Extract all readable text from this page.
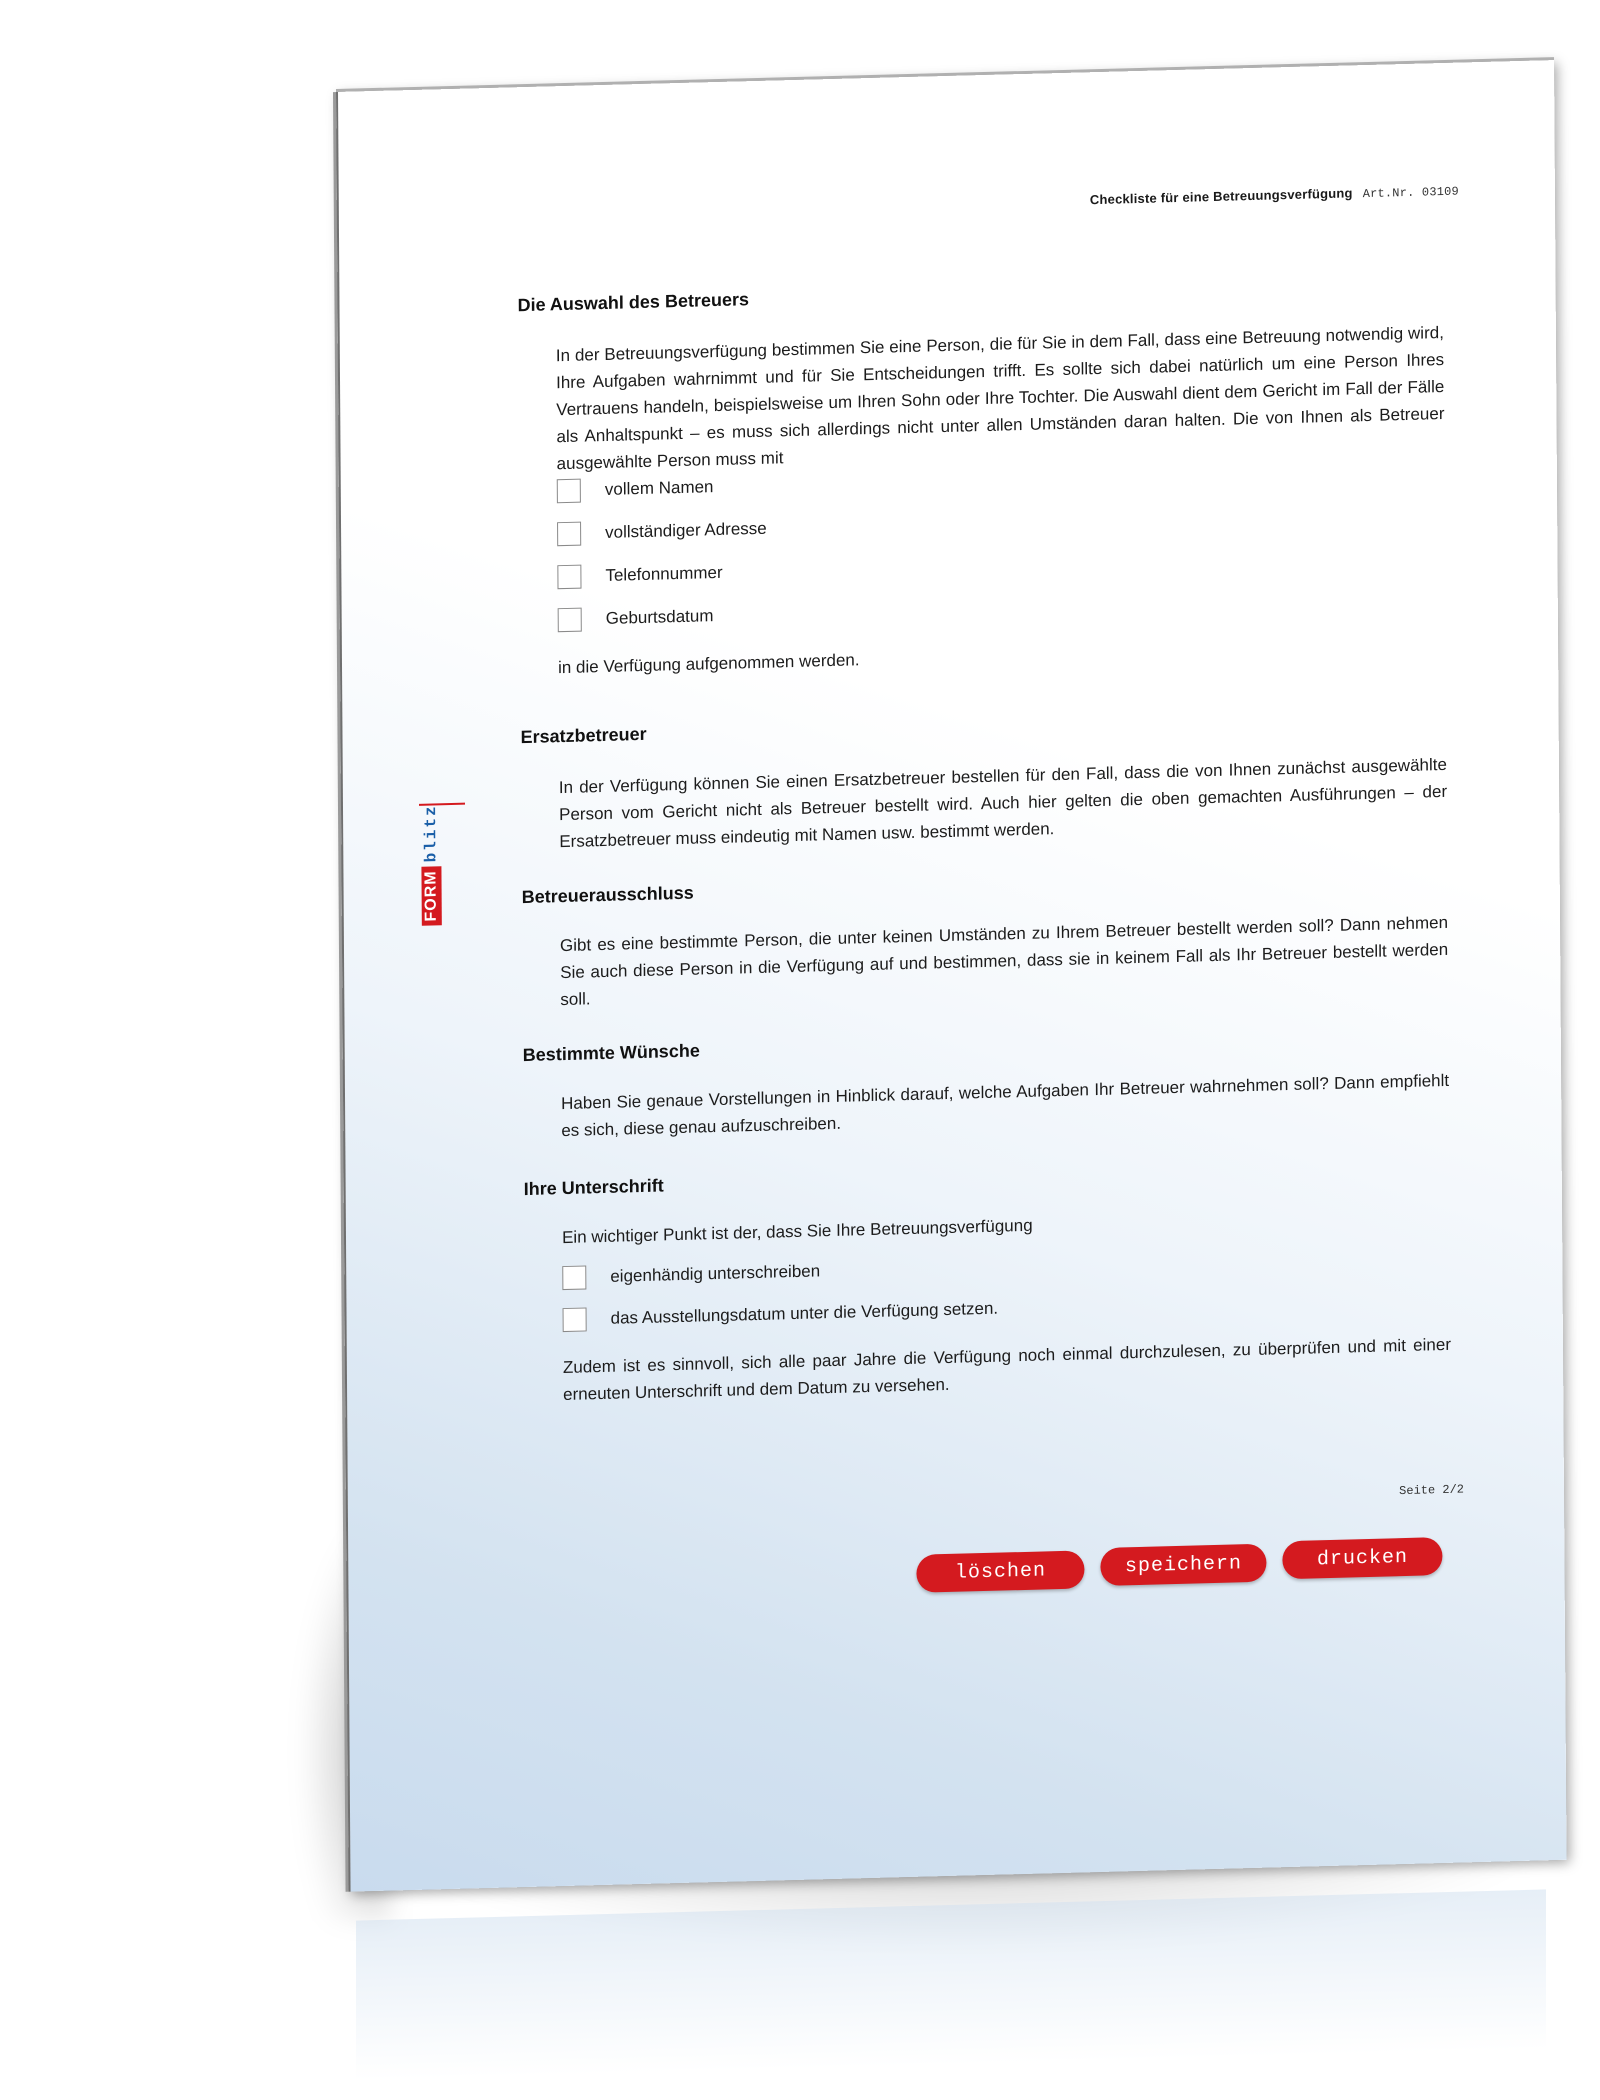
Checkliste für eine Betreuungsverfügung Art.Nr. 03109
FORM
blitz
Die Auswahl des Betreuers
In der Betreuungsverfügung bestimmen Sie eine Person, die für Sie in dem Fall, dass eine Betreuung notwendig wird, Ihre Aufgaben wahrnimmt und für Sie Entscheidungen trifft. Es sollte sich dabei natürlich um eine Person Ihres Vertrauens handeln, beispielsweise um Ihren Sohn oder Ihre Tochter. Die Auswahl dient dem Gericht im Fall der Fälle als Anhaltspunkt – es muss sich allerdings nicht unter allen Umständen daran halten. Die von Ihnen als Betreuer ausgewählte Person muss mit
vollem Namen
vollständiger Adresse
Telefonnummer
Geburtsdatum
in die Verfügung aufgenommen werden.
Ersatzbetreuer
In der Verfügung können Sie einen Ersatzbetreuer bestellen für den Fall, dass die von Ihnen zunächst ausgewählte Person vom Gericht nicht als Betreuer bestellt wird. Auch hier gelten die oben gemachten Ausführungen – der Ersatzbetreuer muss eindeutig mit Namen usw. bestimmt werden.
Betreuerausschluss
Gibt es eine bestimmte Person, die unter keinen Umständen zu Ihrem Betreuer bestellt werden soll? Dann nehmen Sie auch diese Person in die Verfügung auf und bestimmen, dass sie in keinem Fall als Ihr Betreuer bestellt werden soll.
Bestimmte Wünsche
Haben Sie genaue Vorstellungen in Hinblick darauf, welche Aufgaben Ihr Betreuer wahrnehmen soll? Dann empfiehlt es sich, diese genau aufzuschreiben.
Ihre Unterschrift
Ein wichtiger Punkt ist der, dass Sie Ihre Betreuungsverfügung
eigenhändig unterschreiben
das Ausstellungsdatum unter die Verfügung setzen.
Zudem ist es sinnvoll, sich alle paar Jahre die Verfügung noch einmal durchzulesen, zu überprüfen und mit einer erneuten Unterschrift und dem Datum zu versehen.
Seite 2/2
löschen	speichern	drucken
